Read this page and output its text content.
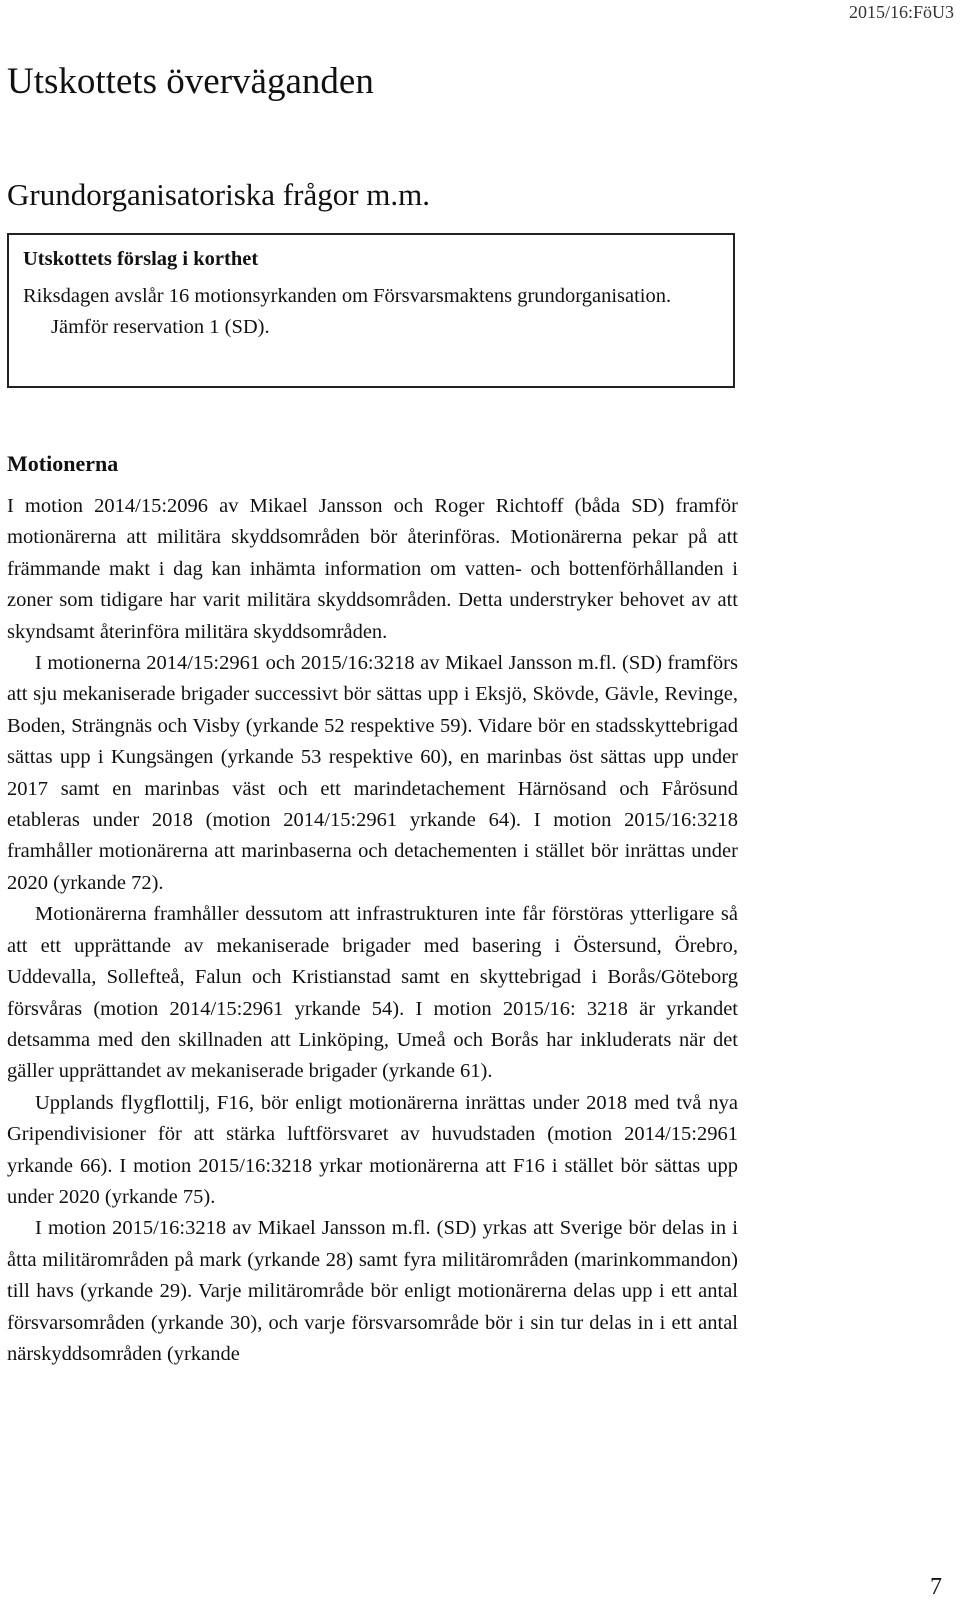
2015/16:FöU3
Utskottets överväganden
Grundorganisatoriska frågor m.m.
Utskottets förslag i korthet

Riksdagen avslår 16 motionsyrkanden om Försvarsmaktens grundorganisation.

Jämför reservation 1 (SD).

Motionerna

I motion 2014/15:2096 av Mikael Jansson och Roger Richtoff (båda SD) framför motionärerna att militära skyddsområden bör återinföras. Motionärerna pekar på att främmande makt i dag kan inhämta information om vatten- och bottenförhållanden i zoner som tidigare har varit militära skyddsområden. Detta understryker behovet av att skyndsamt återinföra militära skyddsområden.

I motionerna 2014/15:2961 och 2015/16:3218 av Mikael Jansson m.fl. (SD) framförs att sju mekaniserade brigader successivt bör sättas upp i Eksjö, Skövde, Gävle, Revinge, Boden, Strängnäs och Visby (yrkande 52 respektive 59). Vidare bör en stadsskyttebrigad sättas upp i Kungsängen (yrkande 53 respektive 60), en marinbas öst sättas upp under 2017 samt en marinbas väst och ett marindetachement Härnösand och Fårösund etableras under 2018 (motion 2014/15:2961 yrkande 64). I motion 2015/16:3218 framhåller motionärerna att marinbaserna och detachementen i stället bör inrättas under 2020 (yrkande 72).

Motionärerna framhåller dessutom att infrastrukturen inte får förstöras ytterligare så att ett upprättande av mekaniserade brigader med basering i Östersund, Örebro, Uddevalla, Sollefteå, Falun och Kristianstad samt en skyttebrigad i Borås/Göteborg försvåras (motion 2014/15:2961 yrkande 54). I motion 2015/16: 3218 är yrkandet detsamma med den skillnaden att Linköping, Umeå och Borås har inkluderats när det gäller upprättandet av mekaniserade brigader (yrkande 61).

Upplands flygflottilj, F16, bör enligt motionärerna inrättas under 2018 med två nya Gripendivisioner för att stärka luftförsvaret av huvudstaden (motion 2014/15:2961 yrkande 66). I motion 2015/16:3218 yrkar motionärerna att F16 i stället bör sättas upp under 2020 (yrkande 75).

I motion 2015/16:3218 av Mikael Jansson m.fl. (SD) yrkas att Sverige bör delas in i åtta militärområden på mark (yrkande 28) samt fyra militärområden (marinkommandon) till havs (yrkande 29). Varje militärområde bör enligt motionärerna delas upp i ett antal försvarsområden (yrkande 30), och varje försvarsområde bör i sin tur delas in i ett antal närskyddsområden (yrkande

7
